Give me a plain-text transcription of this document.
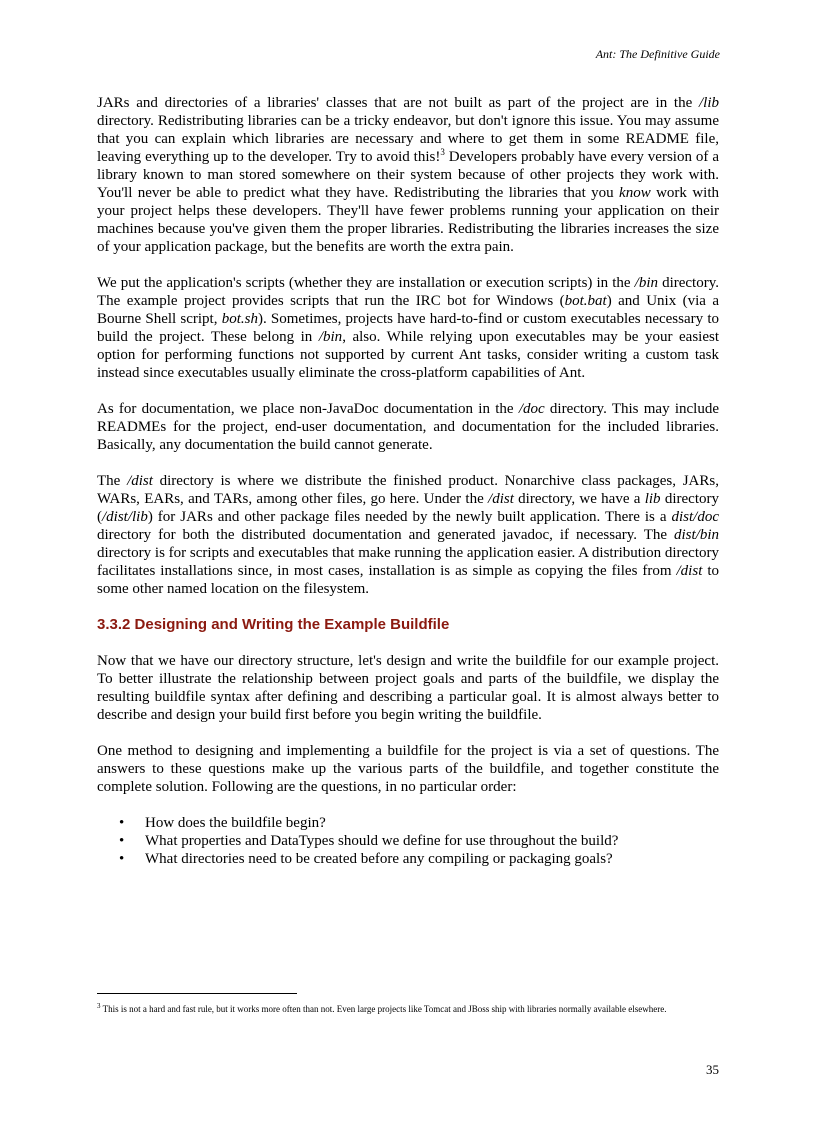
Ant: The Definitive Guide

JARs and directories of a libraries' classes that are not built as part of the project are in the /lib directory. Redistributing libraries can be a tricky endeavor, but don't ignore this issue. You may assume that you can explain which libraries are necessary and where to get them in some README file, leaving everything up to the developer. Try to avoid this!$^3$ Developers probably have every version of a library known to man stored somewhere on their system because of other projects they work with. You'll never be able to predict what they have. Redistributing the libraries that you know work with your project helps these developers. They'll have fewer problems running your application on their machines because you've given them the proper libraries. Redistributing the libraries increases the size of your application package, but the benefits are worth the extra pain.

We put the application's scripts (whether they are installation or execution scripts) in the /bin directory. The example project provides scripts that run the IRC bot for Windows (bot.bat) and Unix (via a Bourne Shell script, bot.sh). Sometimes, projects have hard-to-find or custom executables necessary to build the project. These belong in /bin, also. While relying upon executables may be your easiest option for performing functions not supported by current Ant tasks, consider writing a custom task instead since executables usually eliminate the cross-platform capabilities of Ant.

As for documentation, we place non-JavaDoc documentation in the /doc directory. This may include READMEs for the project, end-user documentation, and documentation for the included libraries. Basically, any documentation the build cannot generate.

The /dist directory is where we distribute the finished product. Nonarchive class packages, JARs, WARs, EARs, and TARs, among other files, go here. Under the /dist directory, we have a lib directory (/dist/lib) for JARs and other package files needed by the newly built application. There is a dist/doc directory for both the distributed documentation and generated javadoc, if necessary. The dist/bin directory is for scripts and executables that make running the application easier. A distribution directory facilitates installations since, in most cases, installation is as simple as copying the files from /dist to some other named location on the filesystem.

3.3.2 Designing and Writing the Example Buildfile

Now that we have our directory structure, let's design and write the buildfile for our example project. To better illustrate the relationship between project goals and parts of the buildfile, we display the resulting buildfile syntax after defining and describing a particular goal. It is almost always better to describe and design your build first before you begin writing the buildfile.

One method to designing and implementing a buildfile for the project is via a set of questions. The answers to these questions make up the various parts of the buildfile, and together constitute the complete solution. Following are the questions, in no particular order:

• How does the buildfile begin?
• What properties and DataTypes should we define for use throughout the build?
• What directories need to be created before any compiling or packaging goals?
$^3$ This is not a hard and fast rule, but it works more often than not. Even large projects like Tomcat and JBoss ship with libraries normally available elsewhere.
35
